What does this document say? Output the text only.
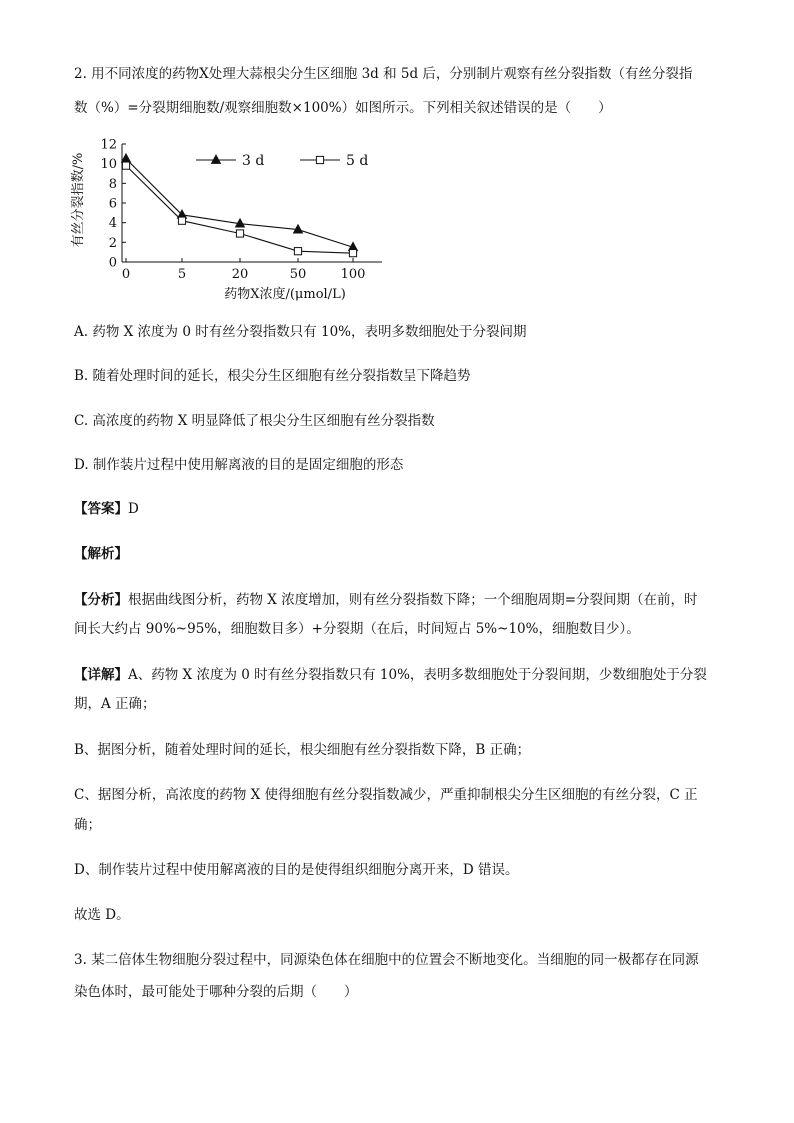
2. 用不同浓度的药物Ⅹ处理大蒜根尖分生区细胞 3d 和 5d 后，分别制片观察有丝分裂指数（有丝分裂指
数（%）=分裂期细胞数/观察细胞数×100%）如图所示。下列相关叙述错误的是（　　）
0
2
4
6
8
10
12
0	5	20	50	100
3 d	5 d
有丝分裂指数/%
药物X浓度/(μmol/L)
A. 药物 X 浓度为 0 时有丝分裂指数只有 10%，表明多数细胞处于分裂间期
B. 随着处理时间的延长，根尖分生区细胞有丝分裂指数呈下降趋势
C. 高浓度的药物 X 明显降低了根尖分生区细胞有丝分裂指数
D. 制作装片过程中使用解离液的目的是固定细胞的形态
【答案】D
【解析】
【分析】根据曲线图分析，药物 X 浓度增加，则有丝分裂指数下降；一个细胞周期=分裂间期（在前，时
间长大约占 90%~95%，细胞数目多）+分裂期（在后，时间短占 5%~10%，细胞数目少）。
【详解】A、药物 X 浓度为 0 时有丝分裂指数只有 10%，表明多数细胞处于分裂间期，少数细胞处于分裂
期，A 正确；
B、据图分析，随着处理时间的延长，根尖细胞有丝分裂指数下降，B 正确；
C、据图分析，高浓度的药物 X 使得细胞有丝分裂指数减少，严重抑制根尖分生区细胞的有丝分裂，C 正
确；
D、制作装片过程中使用解离液的目的是使得组织细胞分离开来，D 错误。
故选 D。
3. 某二倍体生物细胞分裂过程中，同源染色体在细胞中的位置会不断地变化。当细胞的同一极都存在同源
染色体时，最可能处于哪种分裂的后期（　　）
